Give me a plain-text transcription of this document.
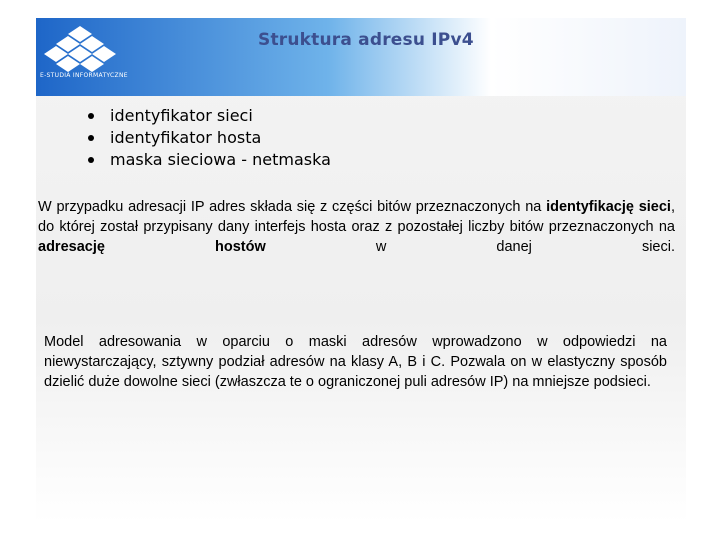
E-STUDIA INFORMATYCZNE
Struktura adresu IPv4
identyfikator sieci
identyfikator hosta
maska sieciowa - netmaska

W przypadku adresacji IP adres składa się z części bitów przeznaczonych na identyfikację sieci, do której został przypisany dany interfejs hosta oraz z pozostałej liczby bitów przeznaczonych na adresację hostów w danej sieci.

Model adresowania w oparciu o maski adresów wprowadzono w odpowiedzi na niewystarczający, sztywny podział adresów na klasy A, B i C. Pozwala on w elastyczny sposób dzielić duże dowolne sieci (zwłaszcza te o ograniczonej puli adresów IP) na mniejsze podsieci.
